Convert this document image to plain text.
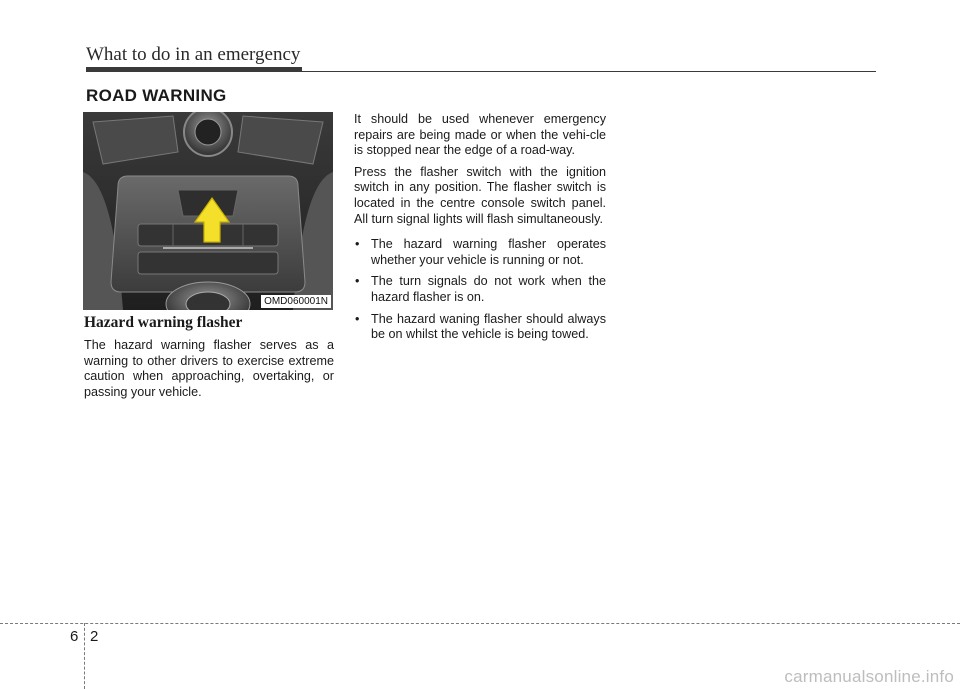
What to do in an emergency
ROAD WARNING
OMD060001N
Hazard warning flasher

The hazard warning flasher serves as a warning to other drivers to exercise extreme caution when approaching, overtaking, or passing your vehicle.

It should be used whenever emergency repairs are being made or when the vehi-cle is stopped near the edge of a road-way.

Press the flasher switch with the ignition switch in any position. The flasher switch is located in the centre console switch panel. All turn signal lights will flash simultaneously.

• The hazard warning flasher operates whether your vehicle is running or not.
• The turn signals do not work when the hazard flasher is on.
• The hazard waning flasher should always be on whilst the vehicle is being towed.
6 2
carmanualsonline.info
